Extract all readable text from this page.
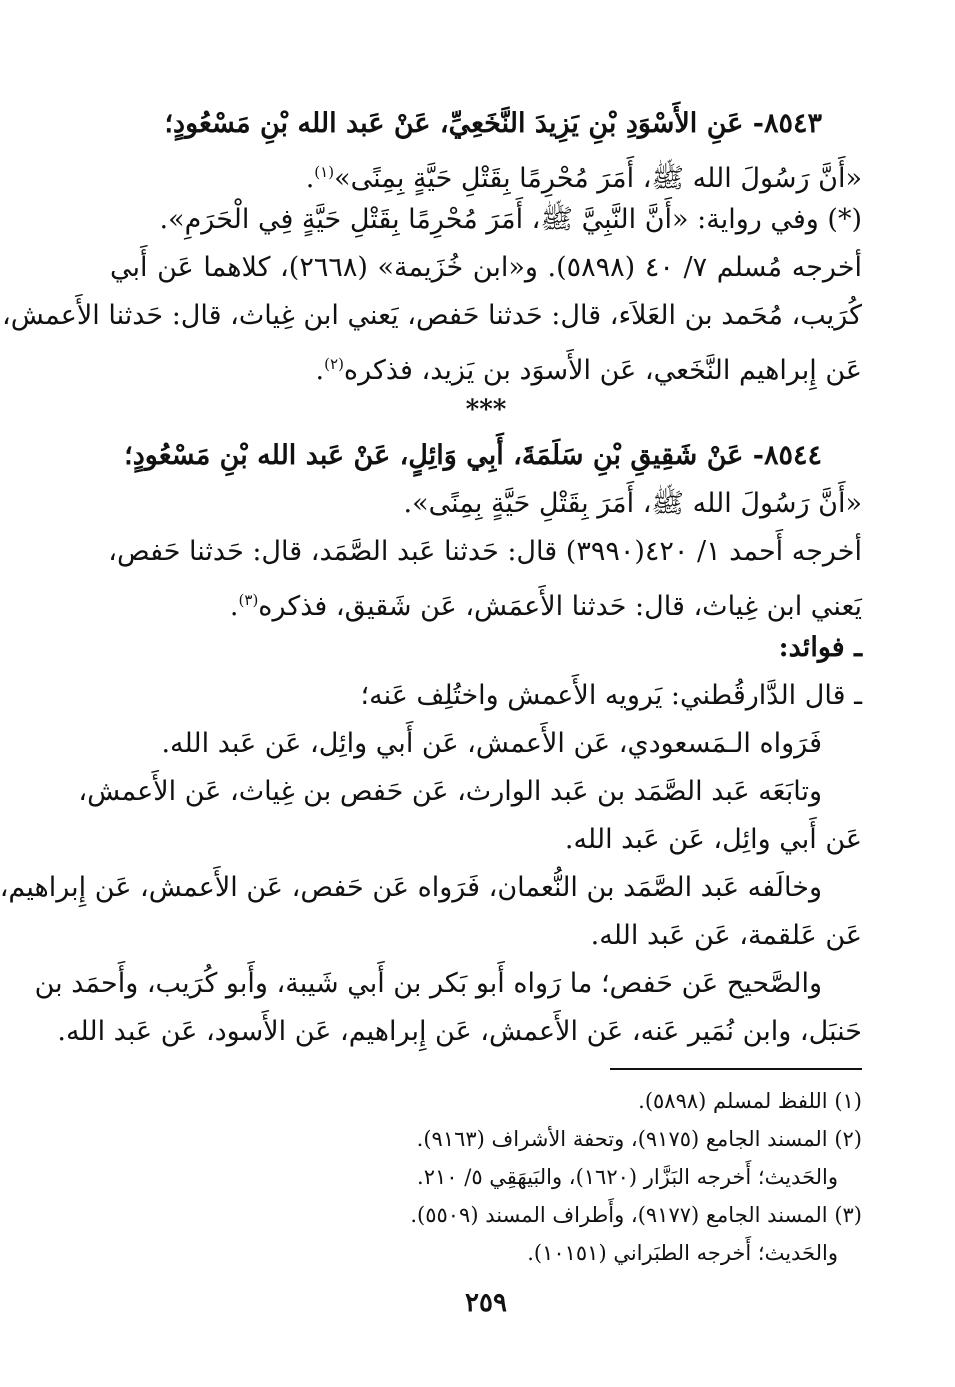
٨٥٤٣- عَنِ الأَسْوَدِ بْنِ يَزِيدَ النَّخَعِيِّ، عَنْ عَبد الله بْنِ مَسْعُودٍ؛
«أَنَّ رَسُولَ الله ﷺ، أَمَرَ مُحْرِمًا بِقَتْلِ حَيَّةٍ بِمِنًى»$^{(١)}$.
(*) وفي رواية: «أَنَّ النَّبِيَّ ﷺ، أَمَرَ مُحْرِمًا بِقَتْلِ حَيَّةٍ فِي الْحَرَمِ».
أخرجه مُسلم ٧/ ٤٠ (٥٨٩٨). و«ابن خُزَيمة» (٢٦٦٨)، كلاهما عَن أَبي
كُرَيب، مُحَمد بن العَلاَء، قال: حَدثنا حَفص، يَعني ابن غِياث، قال: حَدثنا الأَعمش،
عَن إِبراهيم النَّخَعي، عَن الأَسوَد بن يَزيد، فذكره$^{(٢)}$.
***
٨٥٤٤- عَنْ شَقِيقِ بْنِ سَلَمَةَ، أَبِي وَائِلٍ، عَنْ عَبد الله بْنِ مَسْعُودٍ؛
«أَنَّ رَسُولَ الله ﷺ، أَمَرَ بِقَتْلِ حَيَّةٍ بِمِنًى».
أخرجه أَحمد ١/ ٤٢٠(٣٩٩٠) قال: حَدثنا عَبد الصَّمَد، قال: حَدثنا حَفص،
يَعني ابن غِياث، قال: حَدثنا الأَعمَش، عَن شَقيق، فذكره$^{(٣)}$.
ـ فوائد:
ـ قال الدَّارقُطني: يَرويه الأَعمش واختُلِف عَنه؛
فَرَواه الـمَسعودي، عَن الأَعمش، عَن أَبي وائِل، عَن عَبد الله.
وتابَعَه عَبد الصَّمَد بن عَبد الوارث، عَن حَفص بن غِياث، عَن الأَعمش،
عَن أَبي وائِل، عَن عَبد الله.
وخالَفه عَبد الصَّمَد بن النُّعمان، فَرَواه عَن حَفص، عَن الأَعمش، عَن إِبراهيم،
عَن عَلقمة، عَن عَبد الله.
والصَّحيح عَن حَفص؛ ما رَواه أَبو بَكر بن أَبي شَيبة، وأَبو كُرَيب، وأَحمَد بن
حَنبَل، وابن نُمَير عَنه، عَن الأَعمش، عَن إِبراهيم، عَن الأَسود، عَن عَبد الله.
(١) اللفظ لمسلم (٥٨٩٨).
(٢) المسند الجامع (٩١٧٥)، وتحفة الأشراف (٩١٦٣).
والحَديث؛ أَخرجه البَزَّار (١٦٢٠)، والبَيهَقِي ٥/ ٢١٠.
(٣) المسند الجامع (٩١٧٧)، وأَطراف المسند (٥٥٠٩).
والحَديث؛ أَخرجه الطبَراني (١٠١٥١).
٢٥٩
